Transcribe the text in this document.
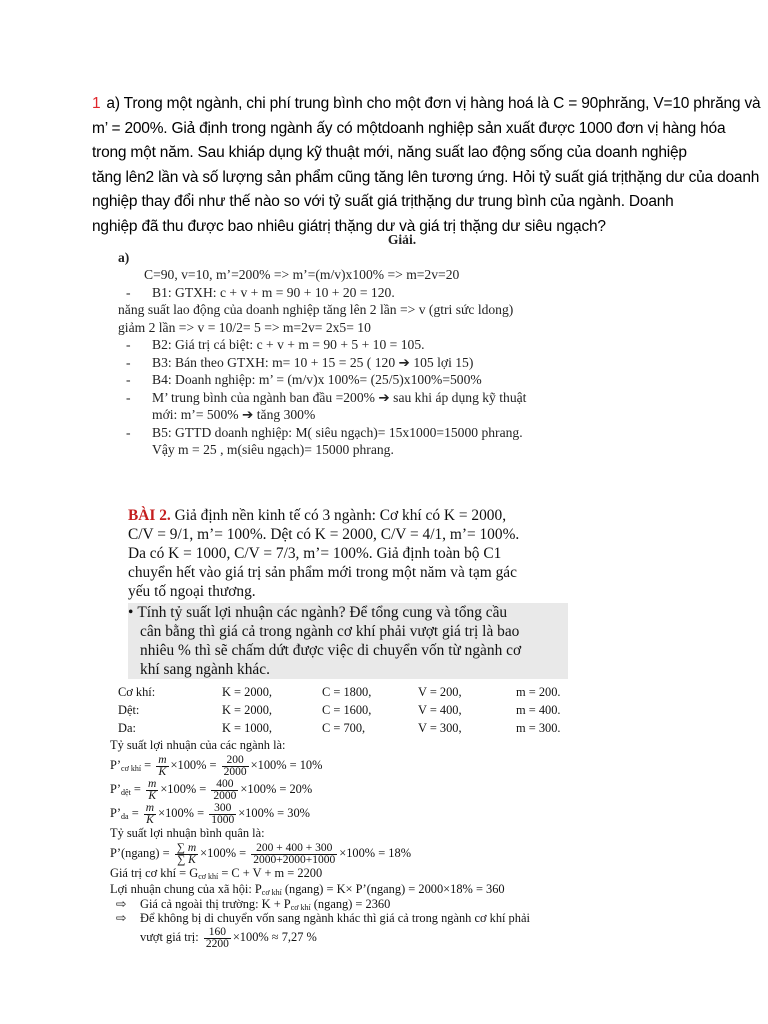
1 a) Trong một ngành, chi phí trung bình cho một đơn vị hàng hoá là C = 90phrăng, V=10 phrăng và
m’ = 200%. Giả định trong ngành ấy có mộtdoanh nghiệp sản xuất được 1000 đơn vị hàng hóa
trong một năm. Sau khiáp dụng kỹ thuật mới, năng suất lao động sống của doanh nghiệp
tăng lên2 lần và số lượng sản phẩm cũng tăng lên tương ứng. Hỏi tỷ suất giá trịthặng dư của doanh
nghiệp thay đổi như thế nào so với tỷ suất giá trịthặng dư trung bình của ngành. Doanh
nghiệp đã thu được bao nhiêu giátrị thặng dư và giá trị thặng dư siêu ngạch?
Giải.
a)
C=90, v=10, m’=200% => m’=(m/v)x100% => m=2v=20
- B1: GTXH: c + v + m = 90 + 10 + 20 = 120.
năng suất lao động của doanh nghiệp tăng lên 2 lần => v (gtri sức ldong)
giảm 2 lần => v = 10/2= 5 => m=2v= 2x5= 10
- B2: Giá trị cá biệt: c + v + m = 90 + 5 + 10 = 105.
- B3: Bán theo GTXH: m= 10 + 15 = 25 ( 120 ➔ 105 lợi 15)
- B4: Doanh nghiệp: m’ = (m/v)x 100%= (25/5)x100%=500%
- M’ trung bình của ngành ban đầu =200% ➔ sau khi áp dụng kỹ thuật
mới: m’= 500% ➔ tăng 300%
- B5: GTTD doanh nghiệp: M( siêu ngạch)= 15x1000=15000 phrang.
Vậy m = 25 , m(siêu ngạch)= 15000 phrang.
BÀI 2. Giả định nền kinh tế có 3 ngành: Cơ khí có K = 2000,
C/V = 9/1, m’= 100%. Dệt có K = 2000, C/V = 4/1, m’= 100%.
Da có K = 1000, C/V = 7/3, m’= 100%. Giả định toàn bộ C1
chuyển hết vào giá trị sản phẩm mới trong một năm và tạm gác
yếu tố ngoại thương.
• Tính tỷ suất lợi nhuận các ngành? Để tổng cung và tổng cầu
cân bằng thì giá cả trong ngành cơ khí phải vượt giá trị là bao
nhiêu % thì sẽ chấm dứt được việc di chuyển vốn từ ngành cơ
khí sang ngành khác.
Cơ khí:	K = 2000,	C = 1800,	V = 200,	m = 200.
Dệt:	K = 2000,	C = 1600,	V = 400,	m = 400.
Da:	K = 1000,	C = 700,	V = 300,	m = 300.
Tỷ suất lợi nhuận của các ngành là:
$P’_{cơ khí} = \frac{m}{K} \times 100\% = \frac{200}{2000} \times 100\% = 10\%$
$P’_{dệt} = \frac{m}{K} \times 100\% = \frac{400}{2000} \times 100\% = 20\%$
$P’_{da} = \frac{m}{K} \times 100\% = \frac{300}{1000} \times 100\% = 30\%$
Tỷ suất lợi nhuận bình quân là:
P’(ngang) = $\frac{\sum m}{\sum K} \times 100\% = \frac{200 + 400 + 300}{2000+2000+1000} \times 100\% = 18\%$
Giá trị cơ khí = $G_{cơ khí} = C + V + m = 2200$
Lợi nhuận chung của xã hội: $P_{cơ khí}$ (ngang) = K× P’(ngang) = 2000×18% = 360
⇨ Giá cả ngoài thị trường: $K + P_{cơ khí}$ (ngang) = 2360
⇨ Để không bị di chuyển vốn sang ngành khác thì giá cả trong ngành cơ khí phải
vượt giá trị: $\frac{160}{2200} \times 100\% \approx 7,27$ %
